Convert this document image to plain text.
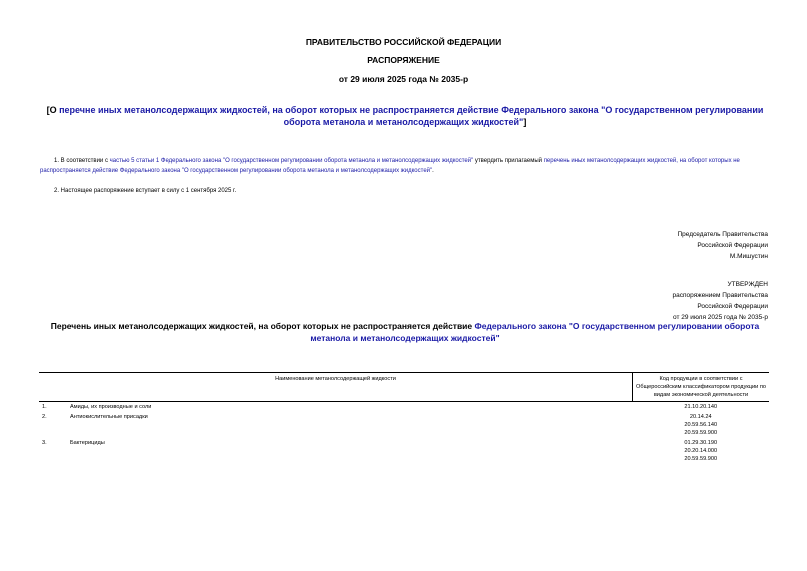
ПРАВИТЕЛЬСТВО РОССИЙСКОЙ ФЕДЕРАЦИИ
РАСПОРЯЖЕНИЕ
от 29 июля 2025 года № 2035-р
[О перечне иных метанолсодержащих жидкостей, на оборот которых не распространяется действие Федерального закона "О государственном регулировании оборота метанола и метанолсодержащих жидкостей"]
1. В соответствии с частью 5 статьи 1 Федерального закона "О государственном регулировании оборота метанола и метанолсодержащих жидкостей" утвердить прилагаемый перечень иных метанолсодержащих жидкостей, на оборот которых не распространяется действие Федерального закона "О государственном регулировании оборота метанола и метанолсодержащих жидкостей".
2. Настоящее распоряжение вступает в силу с 1 сентября 2025 г.
Председатель Правительства
Российской Федерации
М.Мишустин
УТВЕРЖДЕН
распоряжением Правительства
Российской Федерации
от 29 июля 2025 года № 2035-р
Перечень иных метанолсодержащих жидкостей, на оборот которых не распространяется действие Федерального закона "О государственном регулировании оборота метанола и метанолсодержащих жидкостей"
Наименование метанолсодержащей жидкости		Код продукции в соответствии с Общероссийским классификатором продукции по видам экономической деятельности
1.	Амиды, их производные и соли	21.10.20.140

2.	Антиокислительные присадки	20.14.24
20.59.56.140
20.59.59.900

3.	Бактерициды	01.29.30.190
20.20.14.000
20.59.59.900
